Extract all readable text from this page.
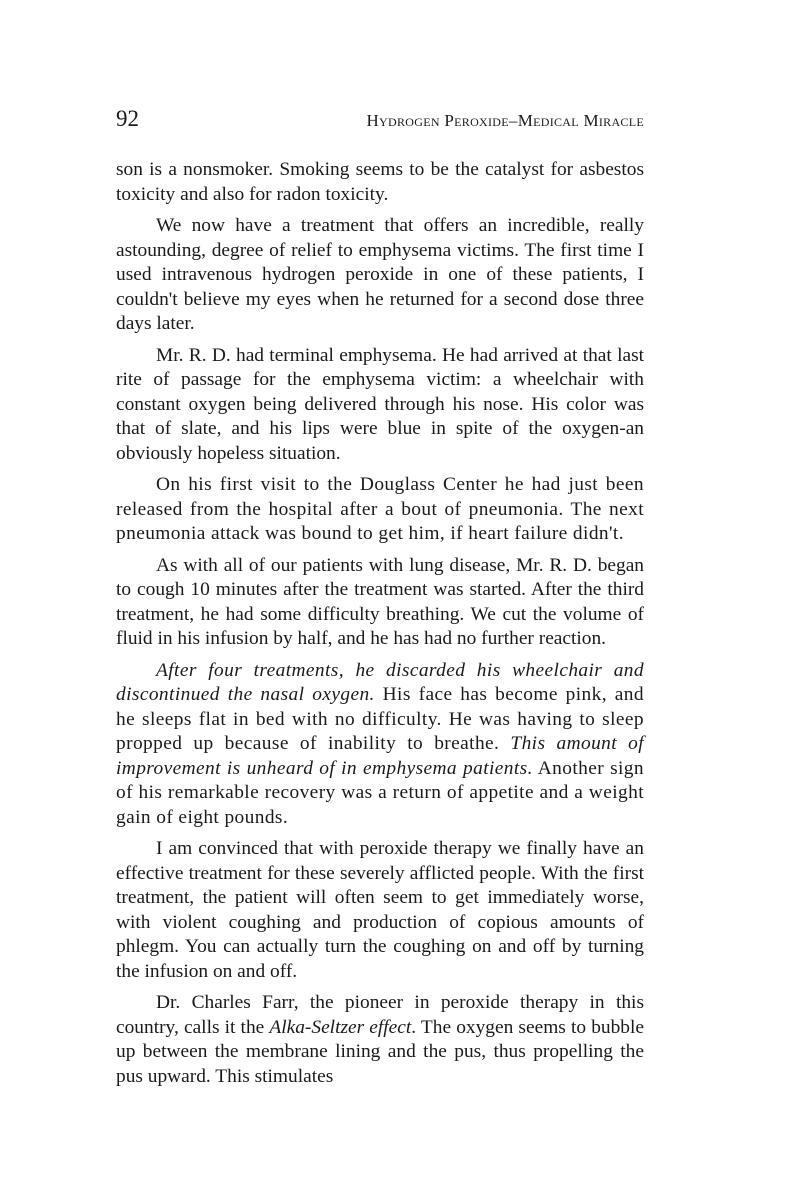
92	Hydrogen Peroxide–Medical Miracle

son is a nonsmoker. Smoking seems to be the catalyst for asbestos toxicity and also for radon toxicity.

We now have a treatment that offers an incredible, really astounding, degree of relief to emphysema victims. The first time I used intravenous hydrogen peroxide in one of these patients, I couldn't believe my eyes when he returned for a second dose three days later.

Mr. R. D. had terminal emphysema. He had arrived at that last rite of passage for the emphysema victim: a wheelchair with constant oxygen being delivered through his nose. His color was that of slate, and his lips were blue in spite of the oxygen-an obviously hopeless situation.

On his first visit to the Douglass Center he had just been released from the hospital after a bout of pneumonia. The next pneumonia attack was bound to get him, if heart failure didn't.

As with all of our patients with lung disease, Mr. R. D. began to cough 10 minutes after the treatment was started. After the third treatment, he had some difficulty breathing. We cut the volume of fluid in his infusion by half, and he has had no further reaction.

After four treatments, he discarded his wheelchair and discontinued the nasal oxygen. His face has become pink, and he sleeps flat in bed with no difficulty. He was having to sleep propped up because of inability to breathe. This amount of improvement is unheard of in emphysema patients. Another sign of his remarkable recovery was a return of appetite and a weight gain of eight pounds.

I am convinced that with peroxide therapy we finally have an effective treatment for these severely afflicted people. With the first treatment, the patient will often seem to get immediately worse, with violent coughing and production of copious amounts of phlegm. You can actually turn the coughing on and off by turning the infusion on and off.

Dr. Charles Farr, the pioneer in peroxide therapy in this country, calls it the Alka-Seltzer effect. The oxygen seems to bubble up between the membrane lining and the pus, thus propelling the pus upward. This stimulates
